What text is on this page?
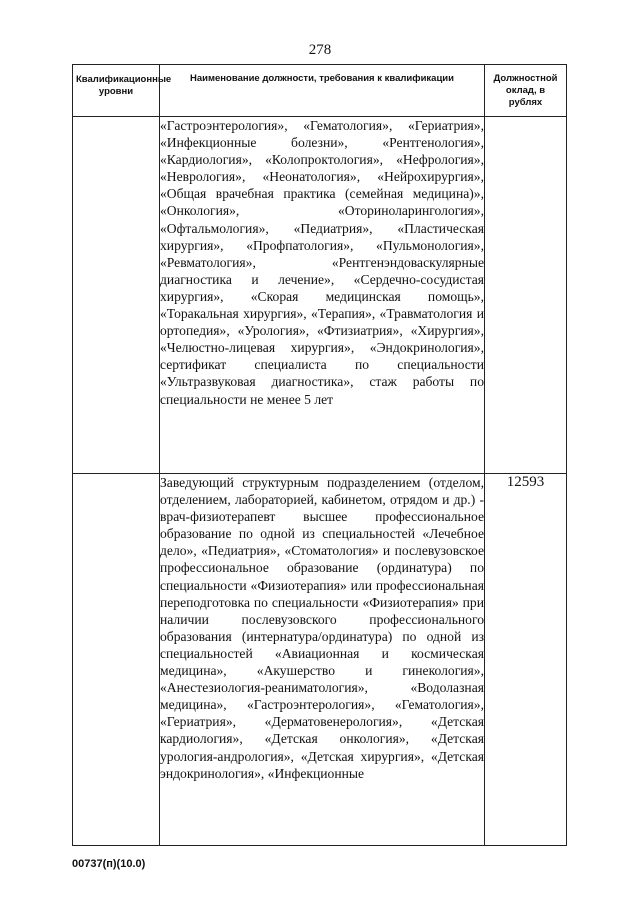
278
Квалификационные уровни	Наименование должности, требования к квалификации	Должностной оклад, в рублях

	«Гастроэнтерология», «Гематология», «Гериатрия», «Инфекционные болезни», «Рентгенология», «Кардиология», «Колопроктология», «Нефрология», «Неврология», «Неонатология», «Нейрохирургия», «Общая врачебная практика (семейная медицина)», «Онкология», «Оториноларингология», «Офтальмология», «Педиатрия», «Пластическая хирургия», «Профпатология», «Пульмонология», «Ревматология», «Рентгенэндоваскулярные диагностика и лечение», «Сердечно-сосудистая хирургия», «Скорая медицинская помощь», «Торакальная хирургия», «Терапия», «Травматология и ортопедия», «Урология», «Фтизиатрия», «Хирургия», «Челюстно-лицевая хирургия», «Эндокринология», сертификат специалиста по специальности «Ультразвуковая диагностика», стаж работы по специальности не менее 5 лет	

	Заведующий структурным подразделением (отделом, отделением, лабораторией, кабинетом, отрядом и др.) - врач-физиотерапевт высшее профессиональное образование по одной из специальностей «Лечебное дело», «Педиатрия», «Стоматология» и послевузовское профессиональное образование (ординатура) по специальности «Физиотерапия» или профессиональная переподготовка по специальности «Физиотерапия» при наличии послевузовского профессионального образования (интернатура/ординатура) по одной из специальностей «Авиационная и космическая медицина», «Акушерство и гинекология», «Анестезиология-реаниматология», «Водолазная медицина», «Гастроэнтерология», «Гематология», «Гериатрия», «Дерматовенерология», «Детская кардиология», «Детская онкология», «Детская урология-андрология», «Детская хирургия», «Детская эндокринология», «Инфекционные	12593
00737(п)(10.0)
